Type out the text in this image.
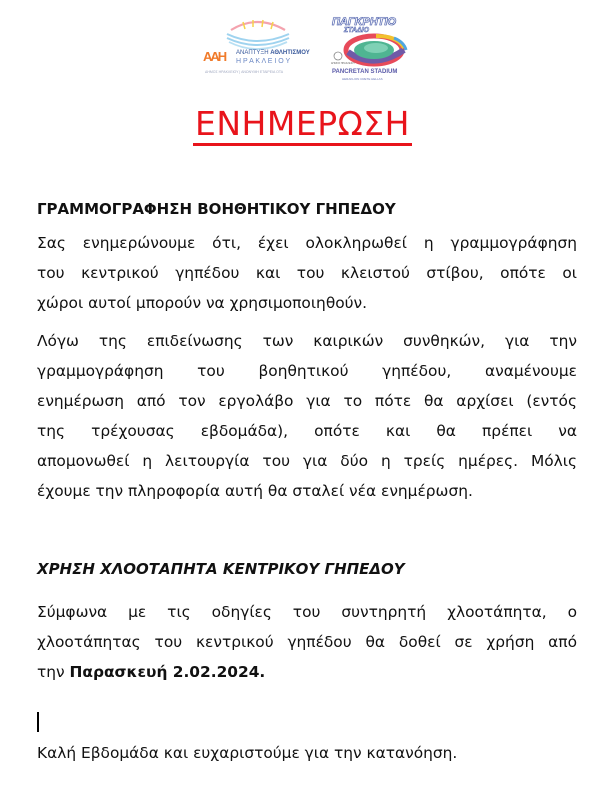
ΑΑΗ ΑΝΑΠΤΥΞΗ ΑΘΛΗΤΙΣΜΟΥ
Η Ρ Α Κ Λ Ε Ι Ο Υ
ΔΗΜΟΣ ΗΡΑΚΛΕΙΟΥ | ΑΝΩΝΥΜΗ ΕΤΑΙΡΕΙΑ ΟΤΑ
ΠΑΓΚΡΗΤΙΟ
ΣΤΑΔΙΟ
ΔΗΜΟΣ ΗΡΑΚΛΕΙΟΥ
PANCRETAN STADIUM
HERAKLION CRETE HELLAS
ΕΝΗΜΕΡΩΣΗ
ΓΡΑΜΜΟΓΡΑΦΗΣΗ ΒΟΗΘΗΤΙΚΟΥ ΓΗΠΕΔΟΥ
Σας ενημερώνουμε ότι, έχει ολοκληρωθεί η γραμμογράφηση
του κεντρικού γηπέδου και του κλειστού στίβου, οπότε οι
χώροι αυτοί μπορούν να χρησιμοποιηθούν.
Λόγω της επιδείνωσης των καιρικών συνθηκών, για την
γραμμογράφηση του βοηθητικού γηπέδου, αναμένουμε
ενημέρωση από τον εργολάβο για το πότε θα αρχίσει (εντός
της τρέχουσας εβδομάδα), οπότε και θα πρέπει να
απομονωθεί η λειτουργία του για δύο η τρείς ημέρες. Μόλις
έχουμε την πληροφορία αυτή θα σταλεί νέα ενημέρωση.
ΧΡΗΣΗ ΧΛΟΟΤΑΠΗΤΑ ΚΕΝΤΡΙΚΟΥ ΓΗΠΕΔΟΥ
Σύμφωνα με τις οδηγίες του συντηρητή χλοοτάπητα, ο
χλοοτάπητας του κεντρικού γηπέδου θα δοθεί σε χρήση από
την Παρασκευή 2.02.2024.
Καλή Εβδομάδα και ευχαριστούμε για την κατανόηση.
